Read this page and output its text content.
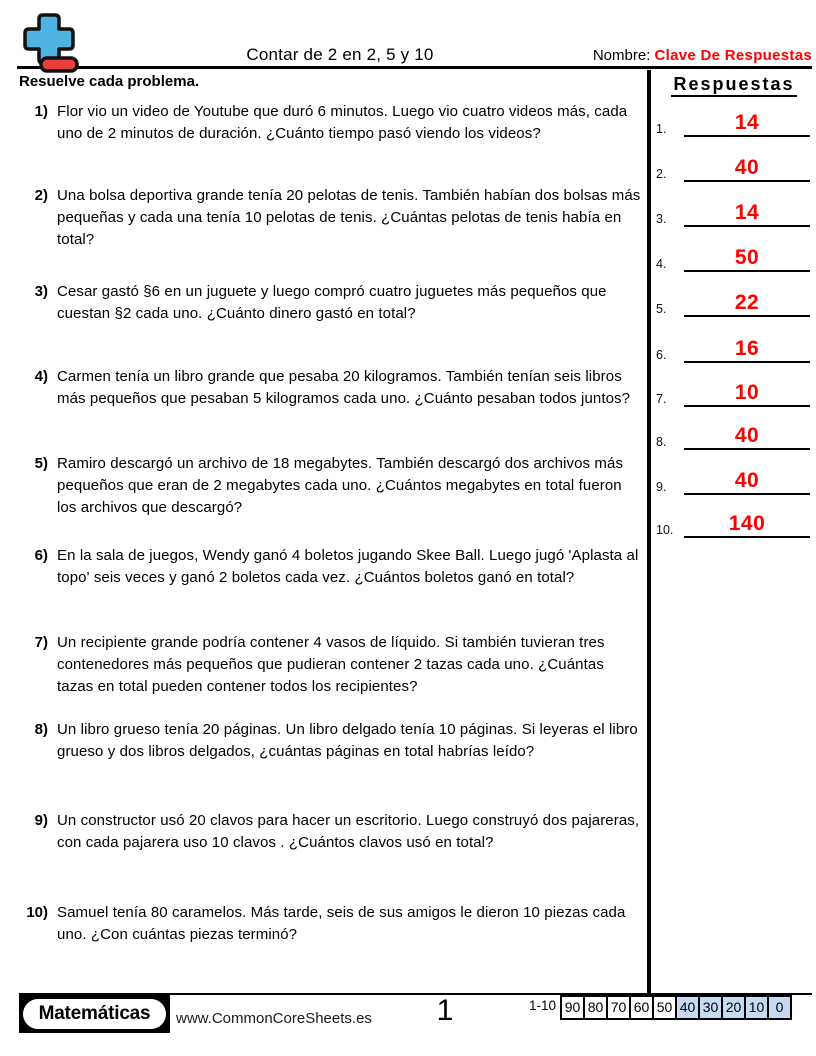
Contar de 2 en 2, 5 y 10	Nombre: Clave De Respuestas
Resuelve cada problema.	Respuestas
1.	14
2.	40
3.	14
4.	50
5.	22
6.	16
7.	10
8.	40
9.	40
10.	140
1) Flor vio un video de Youtube que duró 6 minutos. Luego vio cuatro videos más, cada uno de 2 minutos de duración. ¿Cuánto tiempo pasó viendo los videos?
2) Una bolsa deportiva grande tenía 20 pelotas de tenis. También habían dos bolsas más pequeñas y cada una tenía 10 pelotas de tenis. ¿Cuántas pelotas de tenis había en total?
3) Cesar gastó §6 en un juguete y luego compró cuatro juguetes más pequeños que cuestan §2 cada uno. ¿Cuánto dinero gastó en total?
4) Carmen tenía un libro grande que pesaba 20 kilogramos. También tenían seis libros más pequeños que pesaban 5 kilogramos cada uno. ¿Cuánto pesaban todos juntos?
5) Ramiro descargó un archivo de 18 megabytes. También descargó dos archivos más pequeños que eran de 2 megabytes cada uno. ¿Cuántos megabytes en total fueron los archivos que descargó?
6) En la sala de juegos, Wendy ganó 4 boletos jugando Skee Ball. Luego jugó 'Aplasta al topo' seis veces y ganó 2 boletos cada vez. ¿Cuántos boletos ganó en total?
7) Un recipiente grande podría contener 4 vasos de líquido. Si también tuvieran tres contenedores más pequeños que pudieran contener 2 tazas cada uno. ¿Cuántas tazas en total pueden contener todos los recipientes?
8) Un libro grueso tenía 20 páginas. Un libro delgado tenía 10 páginas. Si leyeras el libro grueso y dos libros delgados, ¿cuántas páginas en total habrías leído?
9) Un constructor usó 20 clavos para hacer un escritorio. Luego construyó dos pajareras, con cada pajarera uso 10 clavos . ¿Cuántos clavos usó en total?
10) Samuel tenía 80 caramelos. Más tarde, seis de sus amigos le dieron 10 piezas cada uno. ¿Con cuántas piezas terminó?
Matemáticas	www.CommonCoreSheets.es	1	1-10 90 80 70 60 50 40 30 20 10 0
